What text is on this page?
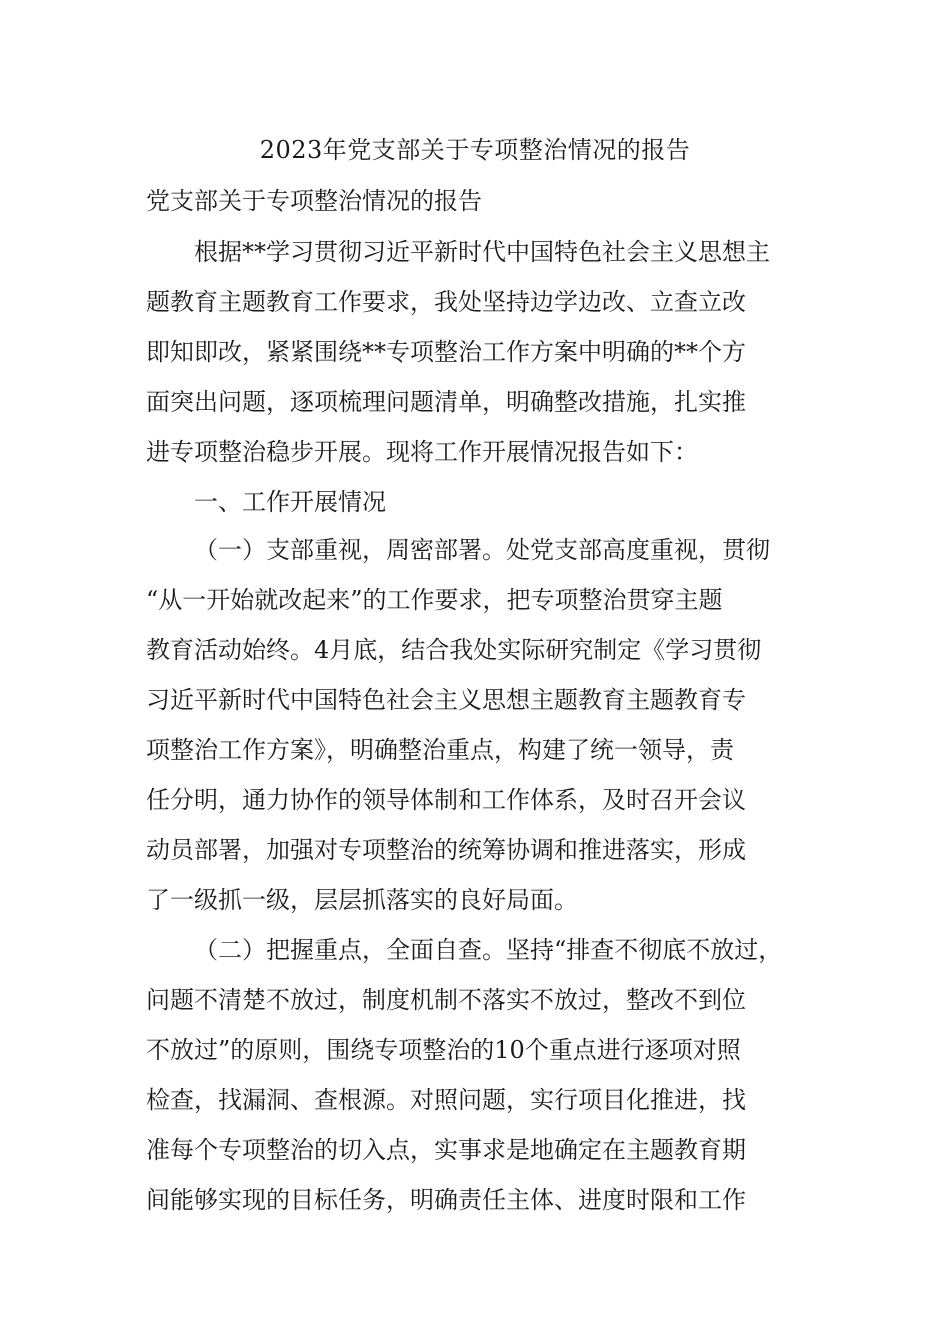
2023年党支部关于专项整治情况的报告
党支部关于专项整治情况的报告

根据**学习贯彻习近平新时代中国特色社会主义思想主

题教育主题教育工作要求，我处坚持边学边改、立查立改

即知即改，紧紧围绕**专项整治工作方案中明确的**个方

面突出问题，逐项梳理问题清单，明确整改措施，扎实推

进专项整治稳步开展。现将工作开展情况报告如下：

一、工作开展情况

（一）支部重视，周密部署。处党支部高度重视，贯彻

“从一开始就改起来”的工作要求，把专项整治贯穿主题

教育活动始终。4月底，结合我处实际研究制定《学习贯彻

习近平新时代中国特色社会主义思想主题教育主题教育专

项整治工作方案》，明确整治重点，构建了统一领导，责

任分明，通力协作的领导体制和工作体系，及时召开会议

动员部署，加强对专项整治的统筹协调和推进落实，形成

了一级抓一级，层层抓落实的良好局面。

（二）把握重点，全面自查。坚持“排查不彻底不放过，

问题不清楚不放过，制度机制不落实不放过，整改不到位

不放过”的原则，围绕专项整治的10个重点进行逐项对照

检查，找漏洞、查根源。对照问题，实行项目化推进，找

准每个专项整治的切入点，实事求是地确定在主题教育期

间能够实现的目标任务，明确责任主体、进度时限和工作
